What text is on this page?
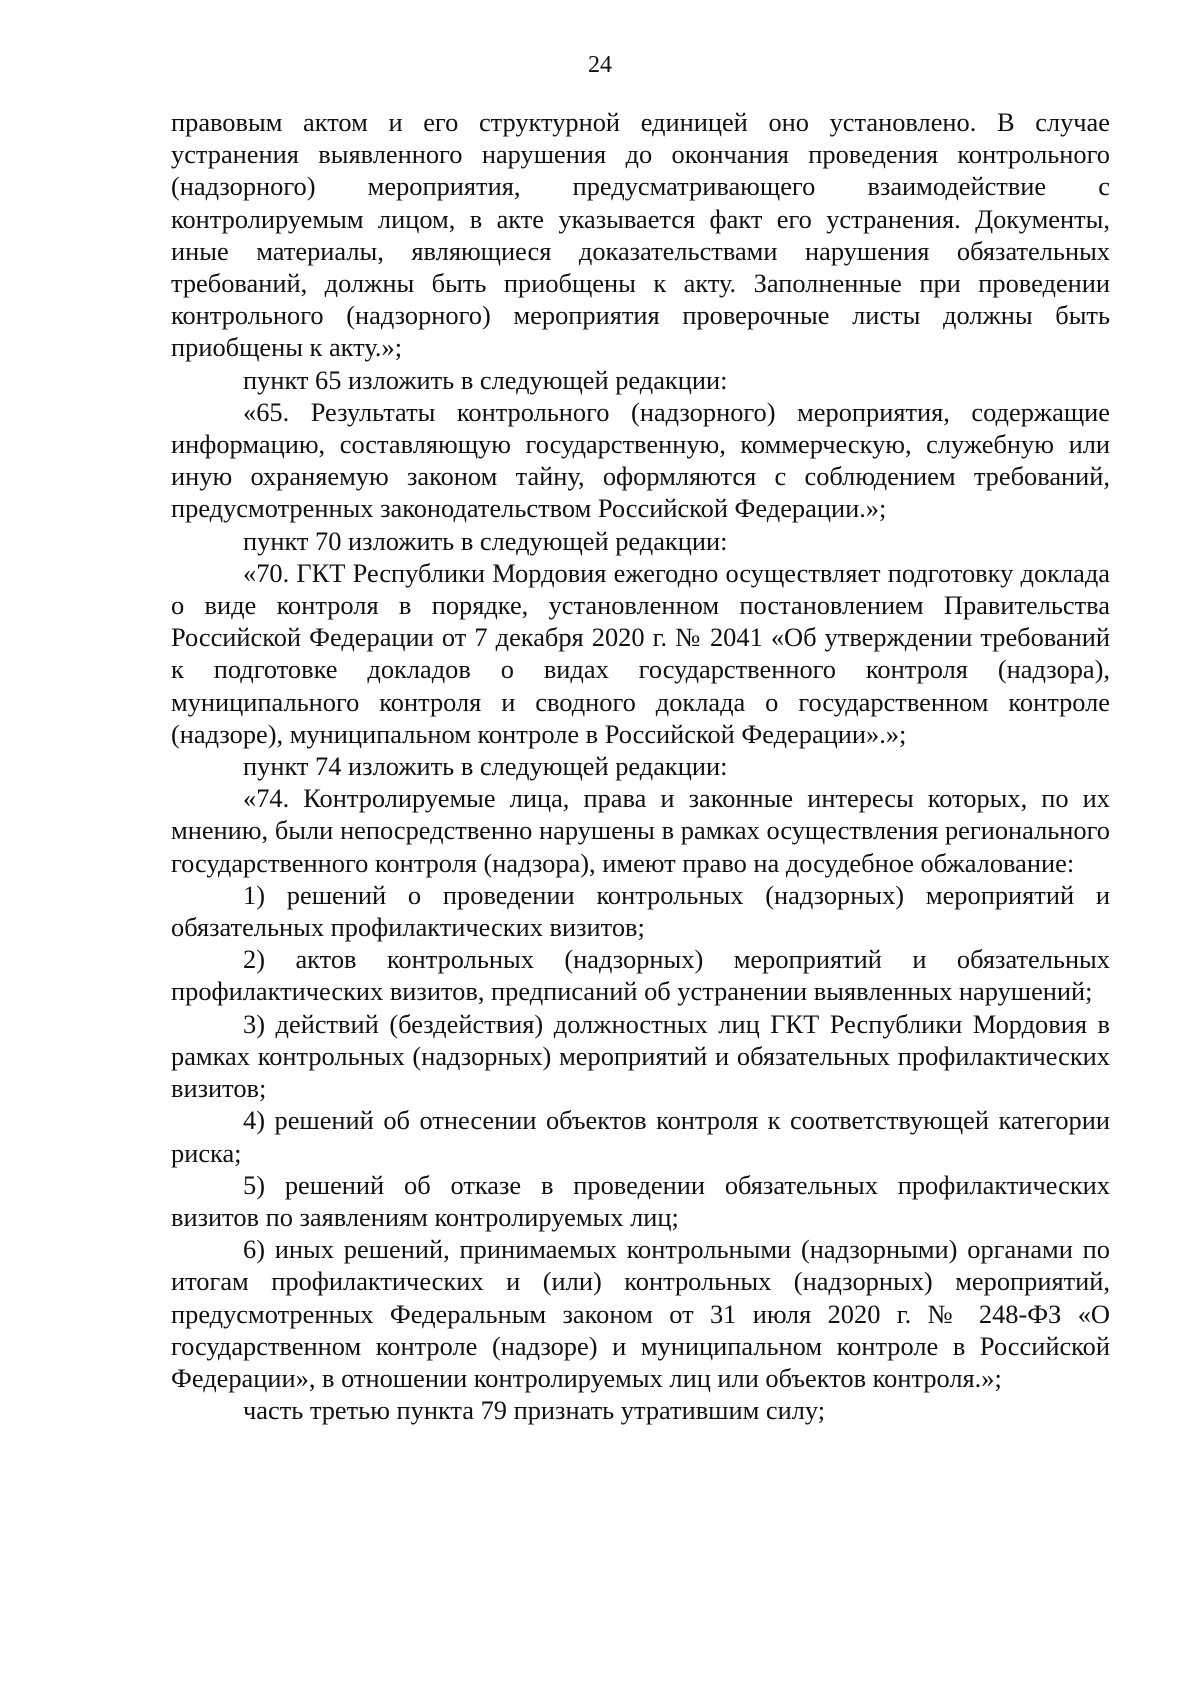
24

правовым актом и его структурной единицей оно установлено. В случае устранения выявленного нарушения до окончания проведения контрольного (надзорного) мероприятия, предусматривающего взаимодействие с контролируемым лицом, в акте указывается факт его устранения. Документы, иные материалы, являющиеся доказательствами нарушения обязательных требований, должны быть приобщены к акту. Заполненные при проведении контрольного (надзорного) мероприятия проверочные листы должны быть приобщены к акту.»;

пункт 65 изложить в следующей редакции:

«65. Результаты контрольного (надзорного) мероприятия, содержащие информацию, составляющую государственную, коммерческую, служебную или иную охраняемую законом тайну, оформляются с соблюдением требований, предусмотренных законодательством Российской Федерации.»;

пункт 70 изложить в следующей редакции:

«70. ГКТ Республики Мордовия ежегодно осуществляет подготовку доклада о виде контроля в порядке, установленном постановлением Правительства Российской Федерации от 7 декабря 2020 г. № 2041 «Об утверждении требований к подготовке докладов о видах государственного контроля (надзора), муниципального контроля и сводного доклада о государственном контроле (надзоре), муниципальном контроле в Российской Федерации».»;

пункт 74 изложить в следующей редакции:

«74. Контролируемые лица, права и законные интересы которых, по их мнению, были непосредственно нарушены в рамках осуществления регионального государственного контроля (надзора), имеют право на досудебное обжалование:

1) решений о проведении контрольных (надзорных) мероприятий и обязательных профилактических визитов;

2) актов контрольных (надзорных) мероприятий и обязательных профилактических визитов, предписаний об устранении выявленных нарушений;

3) действий (бездействия) должностных лиц ГКТ Республики Мордовия в рамках контрольных (надзорных) мероприятий и обязательных профилактических визитов;

4) решений об отнесении объектов контроля к соответствующей категории риска;

5) решений об отказе в проведении обязательных профилактических визитов по заявлениям контролируемых лиц;

6) иных решений, принимаемых контрольными (надзорными) органами по итогам профилактических и (или) контрольных (надзорных) мероприятий, предусмотренных Федеральным законом от 31 июля 2020 г. № 248-ФЗ «О государственном контроле (надзоре) и муниципальном контроле в Российской Федерации», в отношении контролируемых лиц или объектов контроля.»;

часть третью пункта 79 признать утратившим силу;
